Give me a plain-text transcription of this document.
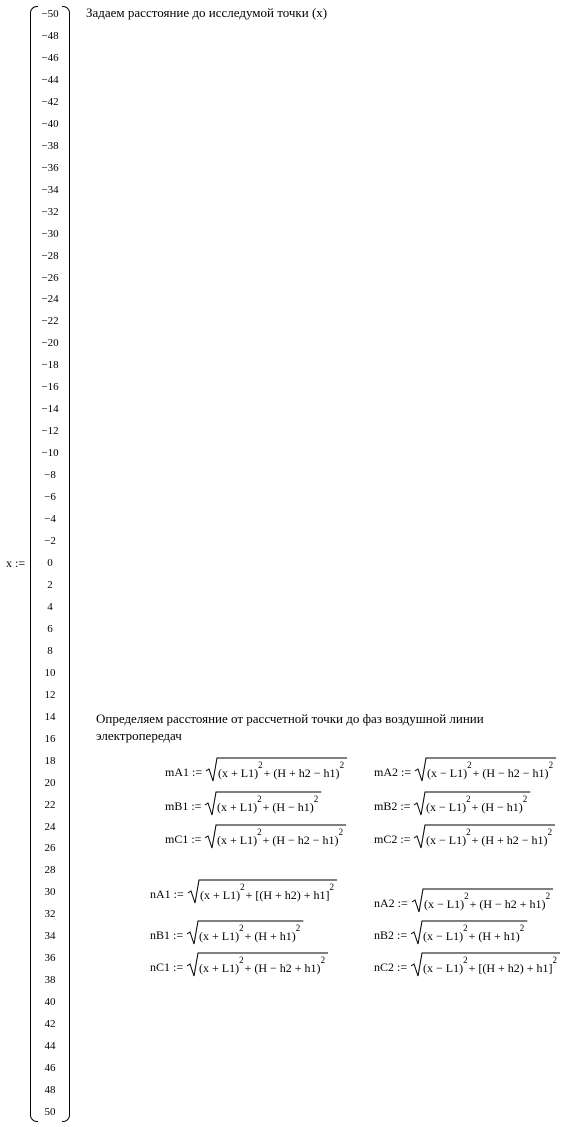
x :=
−50
−48
−46
−44
−42
−40
−38
−36
−34
−32
−30
−28
−26
−24
−22
−20
−18
−16
−14
−12
−10
−8
−6
−4
−2
0
2
4
6
8
10
12
14
16
18
20
22
24
26
28
30
32
34
36
38
40
42
44
46
48
50
Задаем расстояние до исследумой точки (x)
Определяем расстояние от рассчетной точки до фаз воздушной линии электропередач
mA1 := (x + L1)
2
+ (H + h2 − h1)
2 mA2 := (x − L1)
2
+ (H − h2 − h1)
2
mB1 := (x + L1)
2
+ (H − h1)
2	mB2 := (x − L1)
2
+ (H − h1)
2
mC1 := (x + L1)
2
+ (H − h2 − h1)
2	mC2 := (x − L1)
2
+ (H + h2 − h1)
2
nA1 := (x + L1)
2
+ [(H + h2) + h1]
2
nA2 := (x − L1)
2
+ (H − h2 + h1)
2
nB1 := (x + L1)
2
+ (H + h1)
2	nB2 := (x − L1)
2
+ (H + h1)
2
nC1 := (x + L1)
2
+ (H − h2 + h1)
2	nC2 := (x − L1)
2
+ [(H + h2) + h1]
2
